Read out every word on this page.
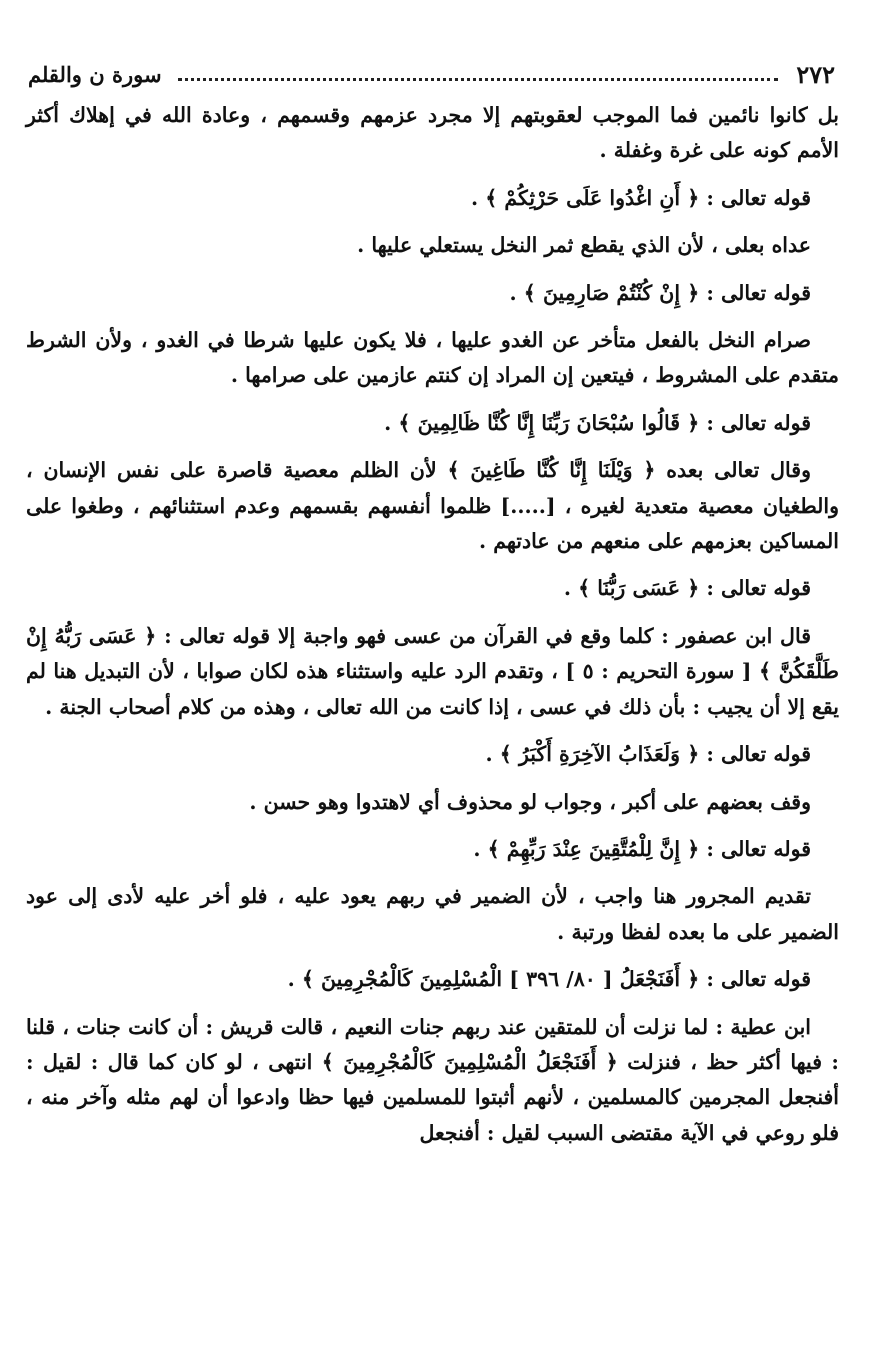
٢٧٢
سورة ن والقلم

بل كانوا نائمين فما الموجب لعقوبتهم إلا مجرد عزمهم وقسمهم ، وعادة الله في إهلاك أكثر الأمم كونه على غرة وغفلة .

قوله تعالى : ﴿ أَنِ اغْدُوا عَلَى حَرْثِكُمْ ﴾ .

عداه بعلى ، لأن الذي يقطع ثمر النخل يستعلي عليها .

قوله تعالى : ﴿ إِنْ كُنْتُمْ صَارِمِينَ ﴾ .

صرام النخل بالفعل متأخر عن الغدو عليها ، فلا يكون عليها شرطا في الغدو ، ولأن الشرط متقدم على المشروط ، فيتعين إن المراد إن كنتم عازمين على صرامها .

قوله تعالى : ﴿ قَالُوا سُبْحَانَ رَبِّنَا إِنَّا كُنَّا ظَالِمِينَ ﴾ .

وقال تعالى بعده ﴿ وَيْلَنَا إِنَّا كُنَّا طَاغِينَ ﴾ لأن الظلم معصية قاصرة على نفس الإنسان ، والطغيان معصية متعدية لغيره ، [.....] ظلموا أنفسهم بقسمهم وعدم استثنائهم ، وطغوا على المساكين بعزمهم على منعهم من عادتهم .

قوله تعالى : ﴿ عَسَى رَبُّنَا ﴾ .

قال ابن عصفور : كلما وقع في القرآن من عسى فهو واجبة إلا قوله تعالى : ﴿ عَسَى رَبُّهُ إِنْ طَلَّقَكُنَّ ﴾ [ سورة التحريم : ٥ ] ، وتقدم الرد عليه واستثناء هذه لكان صوابا ، لأن التبديل هنا لم يقع إلا أن يجيب : بأن ذلك في عسى ، إذا كانت من الله تعالى ، وهذه من كلام أصحاب الجنة .

قوله تعالى : ﴿ وَلَعَذَابُ الآخِرَةِ أَكْبَرُ ﴾ .

وقف بعضهم على أكبر ، وجواب لو محذوف أي لاهتدوا وهو حسن .

قوله تعالى : ﴿ إِنَّ لِلْمُتَّقِينَ عِنْدَ رَبِّهِمْ ﴾ .

تقديم المجرور هنا واجب ، لأن الضمير في ربهم يعود عليه ، فلو أخر عليه لأدى إلى عود الضمير على ما بعده لفظا ورتبة .

قوله تعالى : ﴿ أَفَنَجْعَلُ [ ٨٠/ ٣٩٦ ] الْمُسْلِمِينَ كَالْمُجْرِمِينَ ﴾ .

ابن عطية : لما نزلت أن للمتقين عند ربهم جنات النعيم ، قالت قريش : أن كانت جنات ، قلنا : فيها أكثر حظ ، فنزلت ﴿ أَفَنَجْعَلُ الْمُسْلِمِينَ كَالْمُجْرِمِينَ ﴾ انتهى ، لو كان كما قال : لقيل : أفنجعل المجرمين كالمسلمين ، لأنهم أثبتوا للمسلمين فيها حظا وادعوا أن لهم مثله وآخر منه ، فلو روعي في الآية مقتضى السبب لقيل : أفنجعل
